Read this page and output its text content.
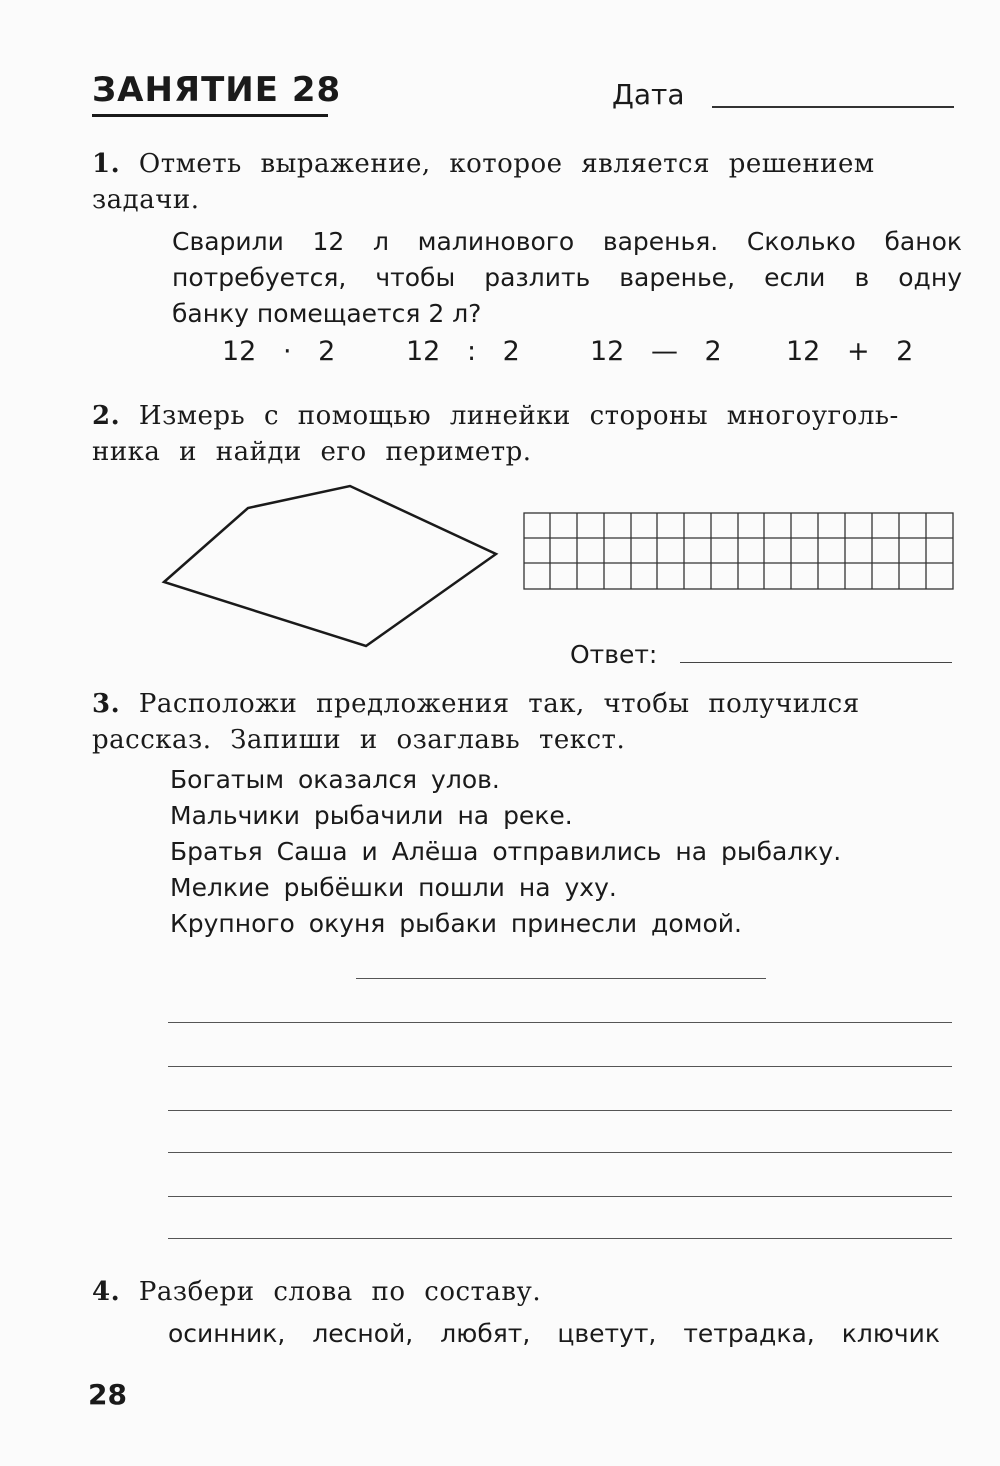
ЗАНЯТИЕ 28	Дата
1. Отметь выражение, которое является решением
задачи.
Сварили 12 л малинового варенья. Сколько банок
потребуется, чтобы разлить варенье, если в одну
банку помещается 2 л?
12 · 2	12 : 2	12 — 2 12 + 2
2. Измерь с помощью линейки стороны многоуголь-
ника и найди его периметр.
Ответ:
3. Расположи предложения так, чтобы получился
рассказ. Запиши и озаглавь текст.
Богатым оказался улов.
Мальчики рыбачили на реке.
Братья Саша и Алёша отправились на рыбалку.
Мелкие рыбёшки пошли на уху.
Крупного окуня рыбаки принесли домой.
4. Разбери слова по составу.
осинник, лесной, любят, цветут, тетрадка, ключик
28
